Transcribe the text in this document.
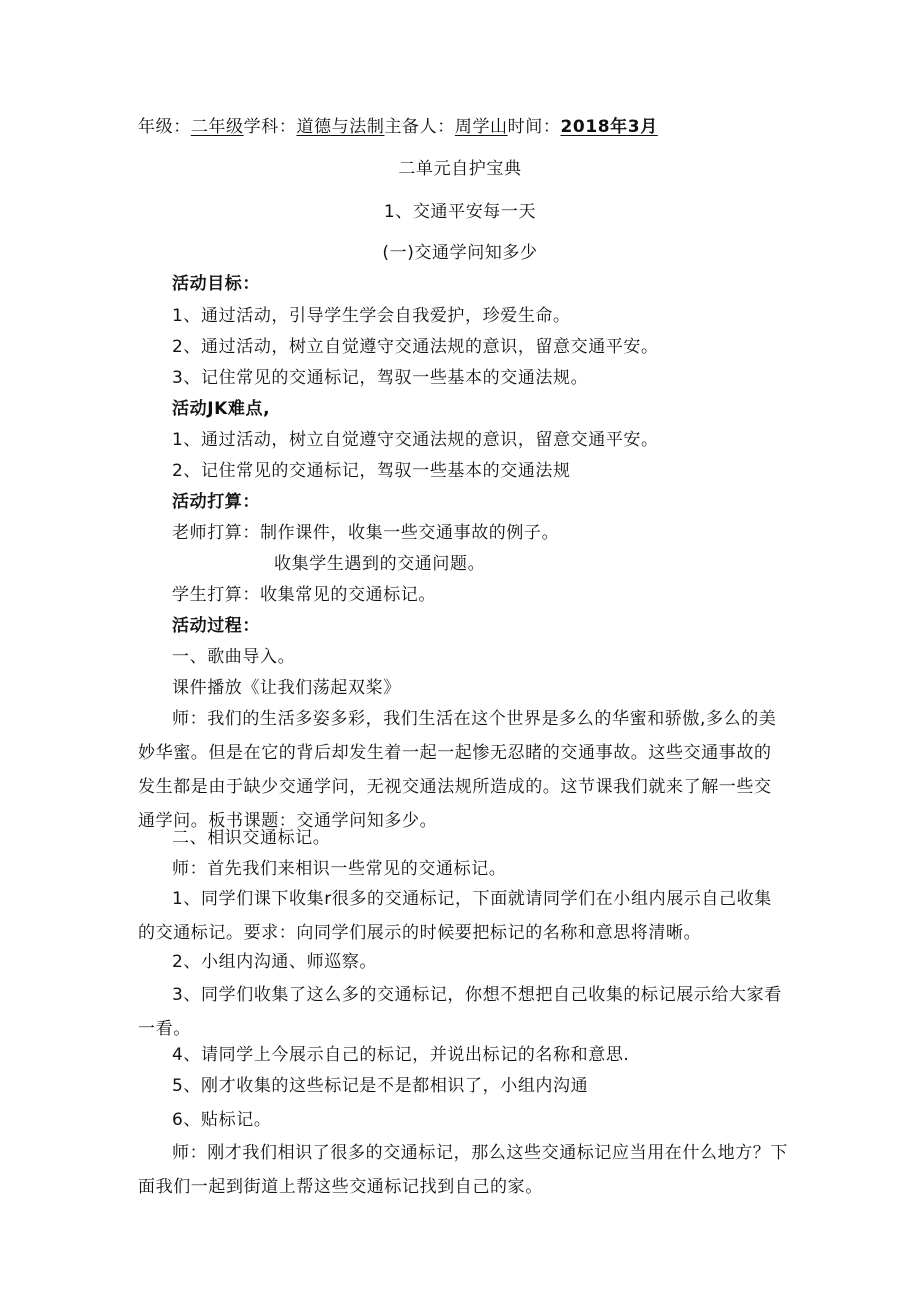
年级：二年级学科：道德与法制主备人：周学山时间：2018年3月
二单元自护宝典
1、交通平安每一天
(一)交通学问知多少
活动目标：
1、通过活动，引导学生学会自我爱护，珍爱生命。
2、通过活动，树立自觉遵守交通法规的意识，留意交通平安。
3、记住常见的交通标记，驾驭一些基本的交通法规。
活动JK难点,
1、通过活动，树立自觉遵守交通法规的意识，留意交通平安。
2、记住常见的交通标记，驾驭一些基本的交通法规
活动打算：
老师打算：制作课件，收集一些交通事故的例子。
收集学生遇到的交通问题。
学生打算：收集常见的交通标记。
活动过程：
一、歌曲导入。
课件播放《让我们荡起双桨》
师：我们的生活多姿多彩，我们生活在这个世界是多么的华蜜和骄傲,多么的美妙华蜜。但是在它的背后却发生着一起一起惨无忍睹的交通事故。这些交通事故的发生都是由于缺少交通学问，无视交通法规所造成的。这节课我们就来了解一些交通学问。板书课题：交通学问知多少。
二、相识交通标记。
师：首先我们来相识一些常见的交通标记。
1、同学们课下收集r很多的交通标记，下面就请同学们在小组内展示自己收集的交通标记。要求：向同学们展示的时候要把标记的名称和意思将清晰。
2、小组内沟通、师巡察。
3、同学们收集了这么多的交通标记，你想不想把自己收集的标记展示给大家看一看。
4、请同学上今展示自己的标记，并说出标记的名称和意思.
5、刚才收集的这些标记是不是都相识了，小组内沟通
6、贴标记。
师：刚才我们相识了很多的交通标记，那么这些交通标记应当用在什么地方？下面我们一起到街道上帮这些交通标记找到自己的家。
